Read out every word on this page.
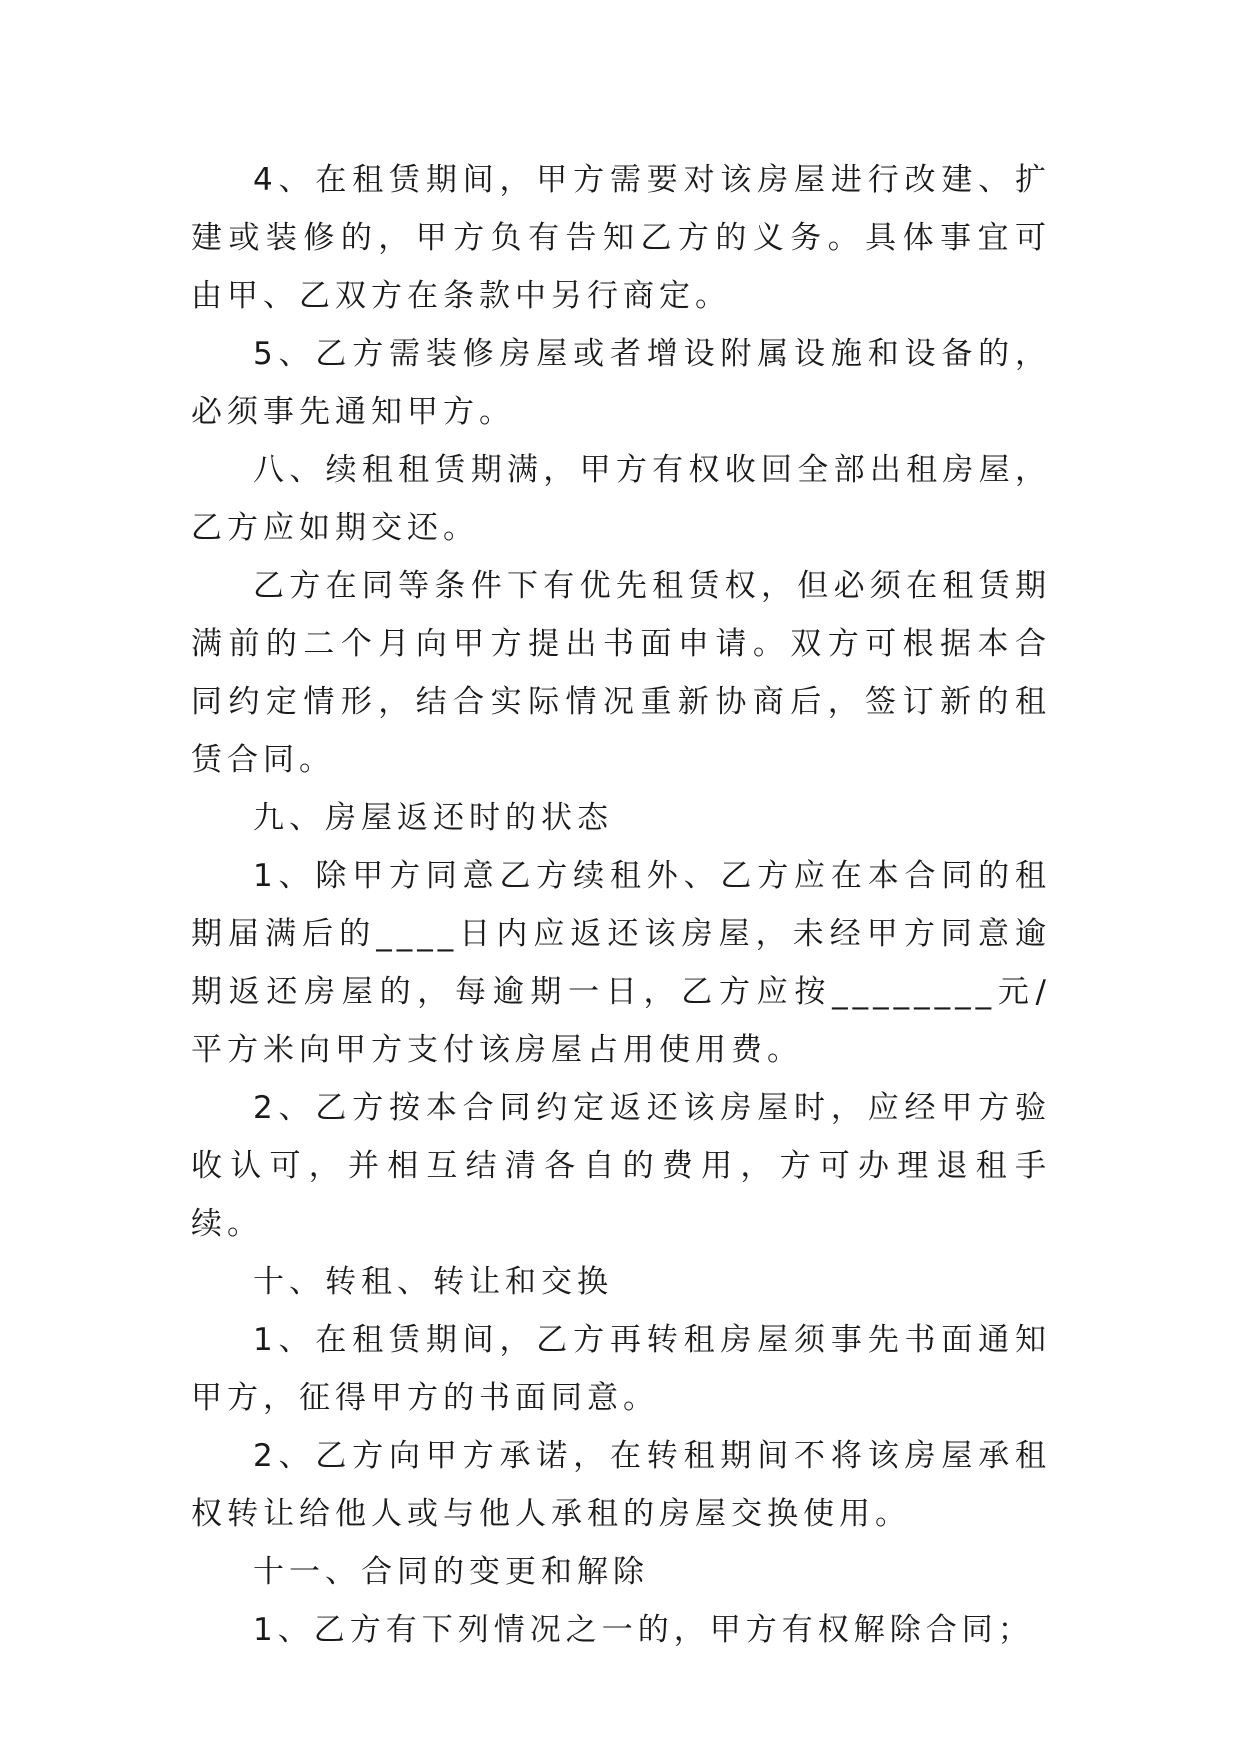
4、在租赁期间，甲方需要对该房屋进行改建、扩建或装修的，甲方负有告知乙方的义务。具体事宜可由甲、乙双方在条款中另行商定。

5、乙方需装修房屋或者增设附属设施和设备的，必须事先通知甲方。

八、续租租赁期满，甲方有权收回全部出租房屋，乙方应如期交还。

乙方在同等条件下有优先租赁权，但必须在租赁期满前的二个月向甲方提出书面申请。双方可根据本合同约定情形，结合实际情况重新协商后，签订新的租赁合同。

九、房屋返还时的状态

1、除甲方同意乙方续租外、乙方应在本合同的租期届满后的____日内应返还该房屋，未经甲方同意逾期返还房屋的，每逾期一日，乙方应按________元/平方米向甲方支付该房屋占用使用费。

2、乙方按本合同约定返还该房屋时，应经甲方验收认可，并相互结清各自的费用，方可办理退租手续。

十、转租、转让和交换

1、在租赁期间，乙方再转租房屋须事先书面通知甲方，征得甲方的书面同意。

2、乙方向甲方承诺，在转租期间不将该房屋承租权转让给他人或与他人承租的房屋交换使用。

十一、合同的变更和解除

1、乙方有下列情况之一的，甲方有权解除合同；
